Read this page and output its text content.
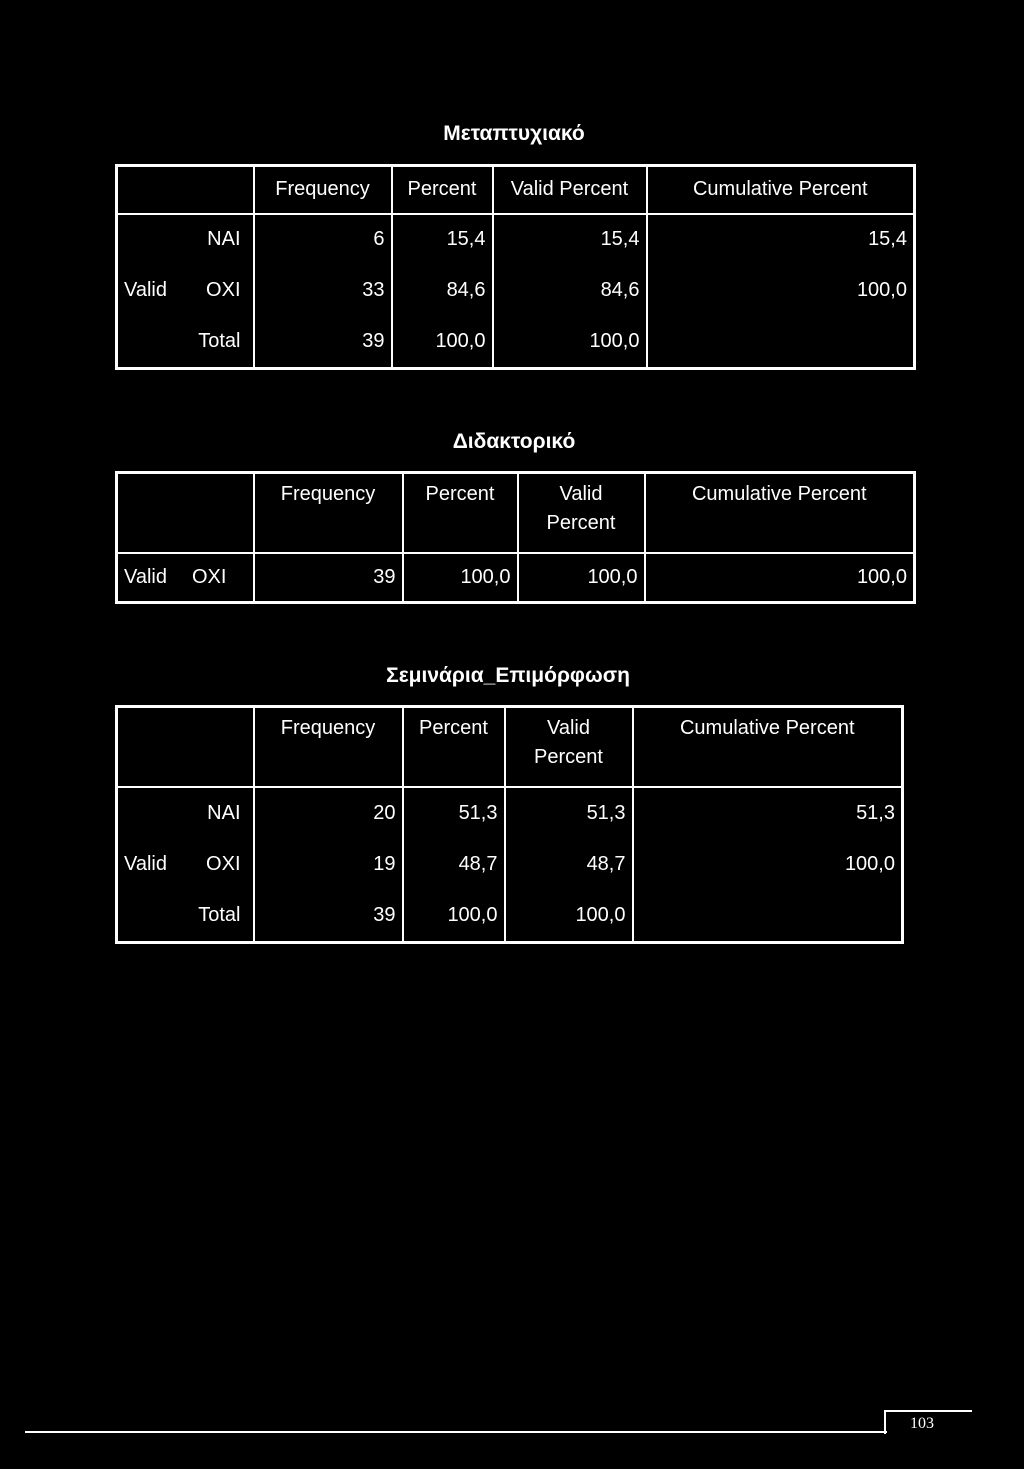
Μεταπτυχιακό
	Frequency	Percent	Valid Percent	Cumulative Percent

ΝΑΙ	6	15,4	15,4	15,4

Valid ΟΧΙ	33	84,6	84,6	100,0

Total	39	100,0	100,0	
Διδακτορικό
	Frequency	Percent	Valid Percent	Cumulative Percent

Valid ΟΧΙ	39	100,0	100,0	100,0
Σεμινάρια_Επιμόρφωση
	Frequency	Percent	Valid Percent	Cumulative Percent

ΝΑΙ	20	51,3	51,3	51,3

Valid ΟΧΙ	19	48,7	48,7	100,0

Total	39	100,0	100,0	
103
